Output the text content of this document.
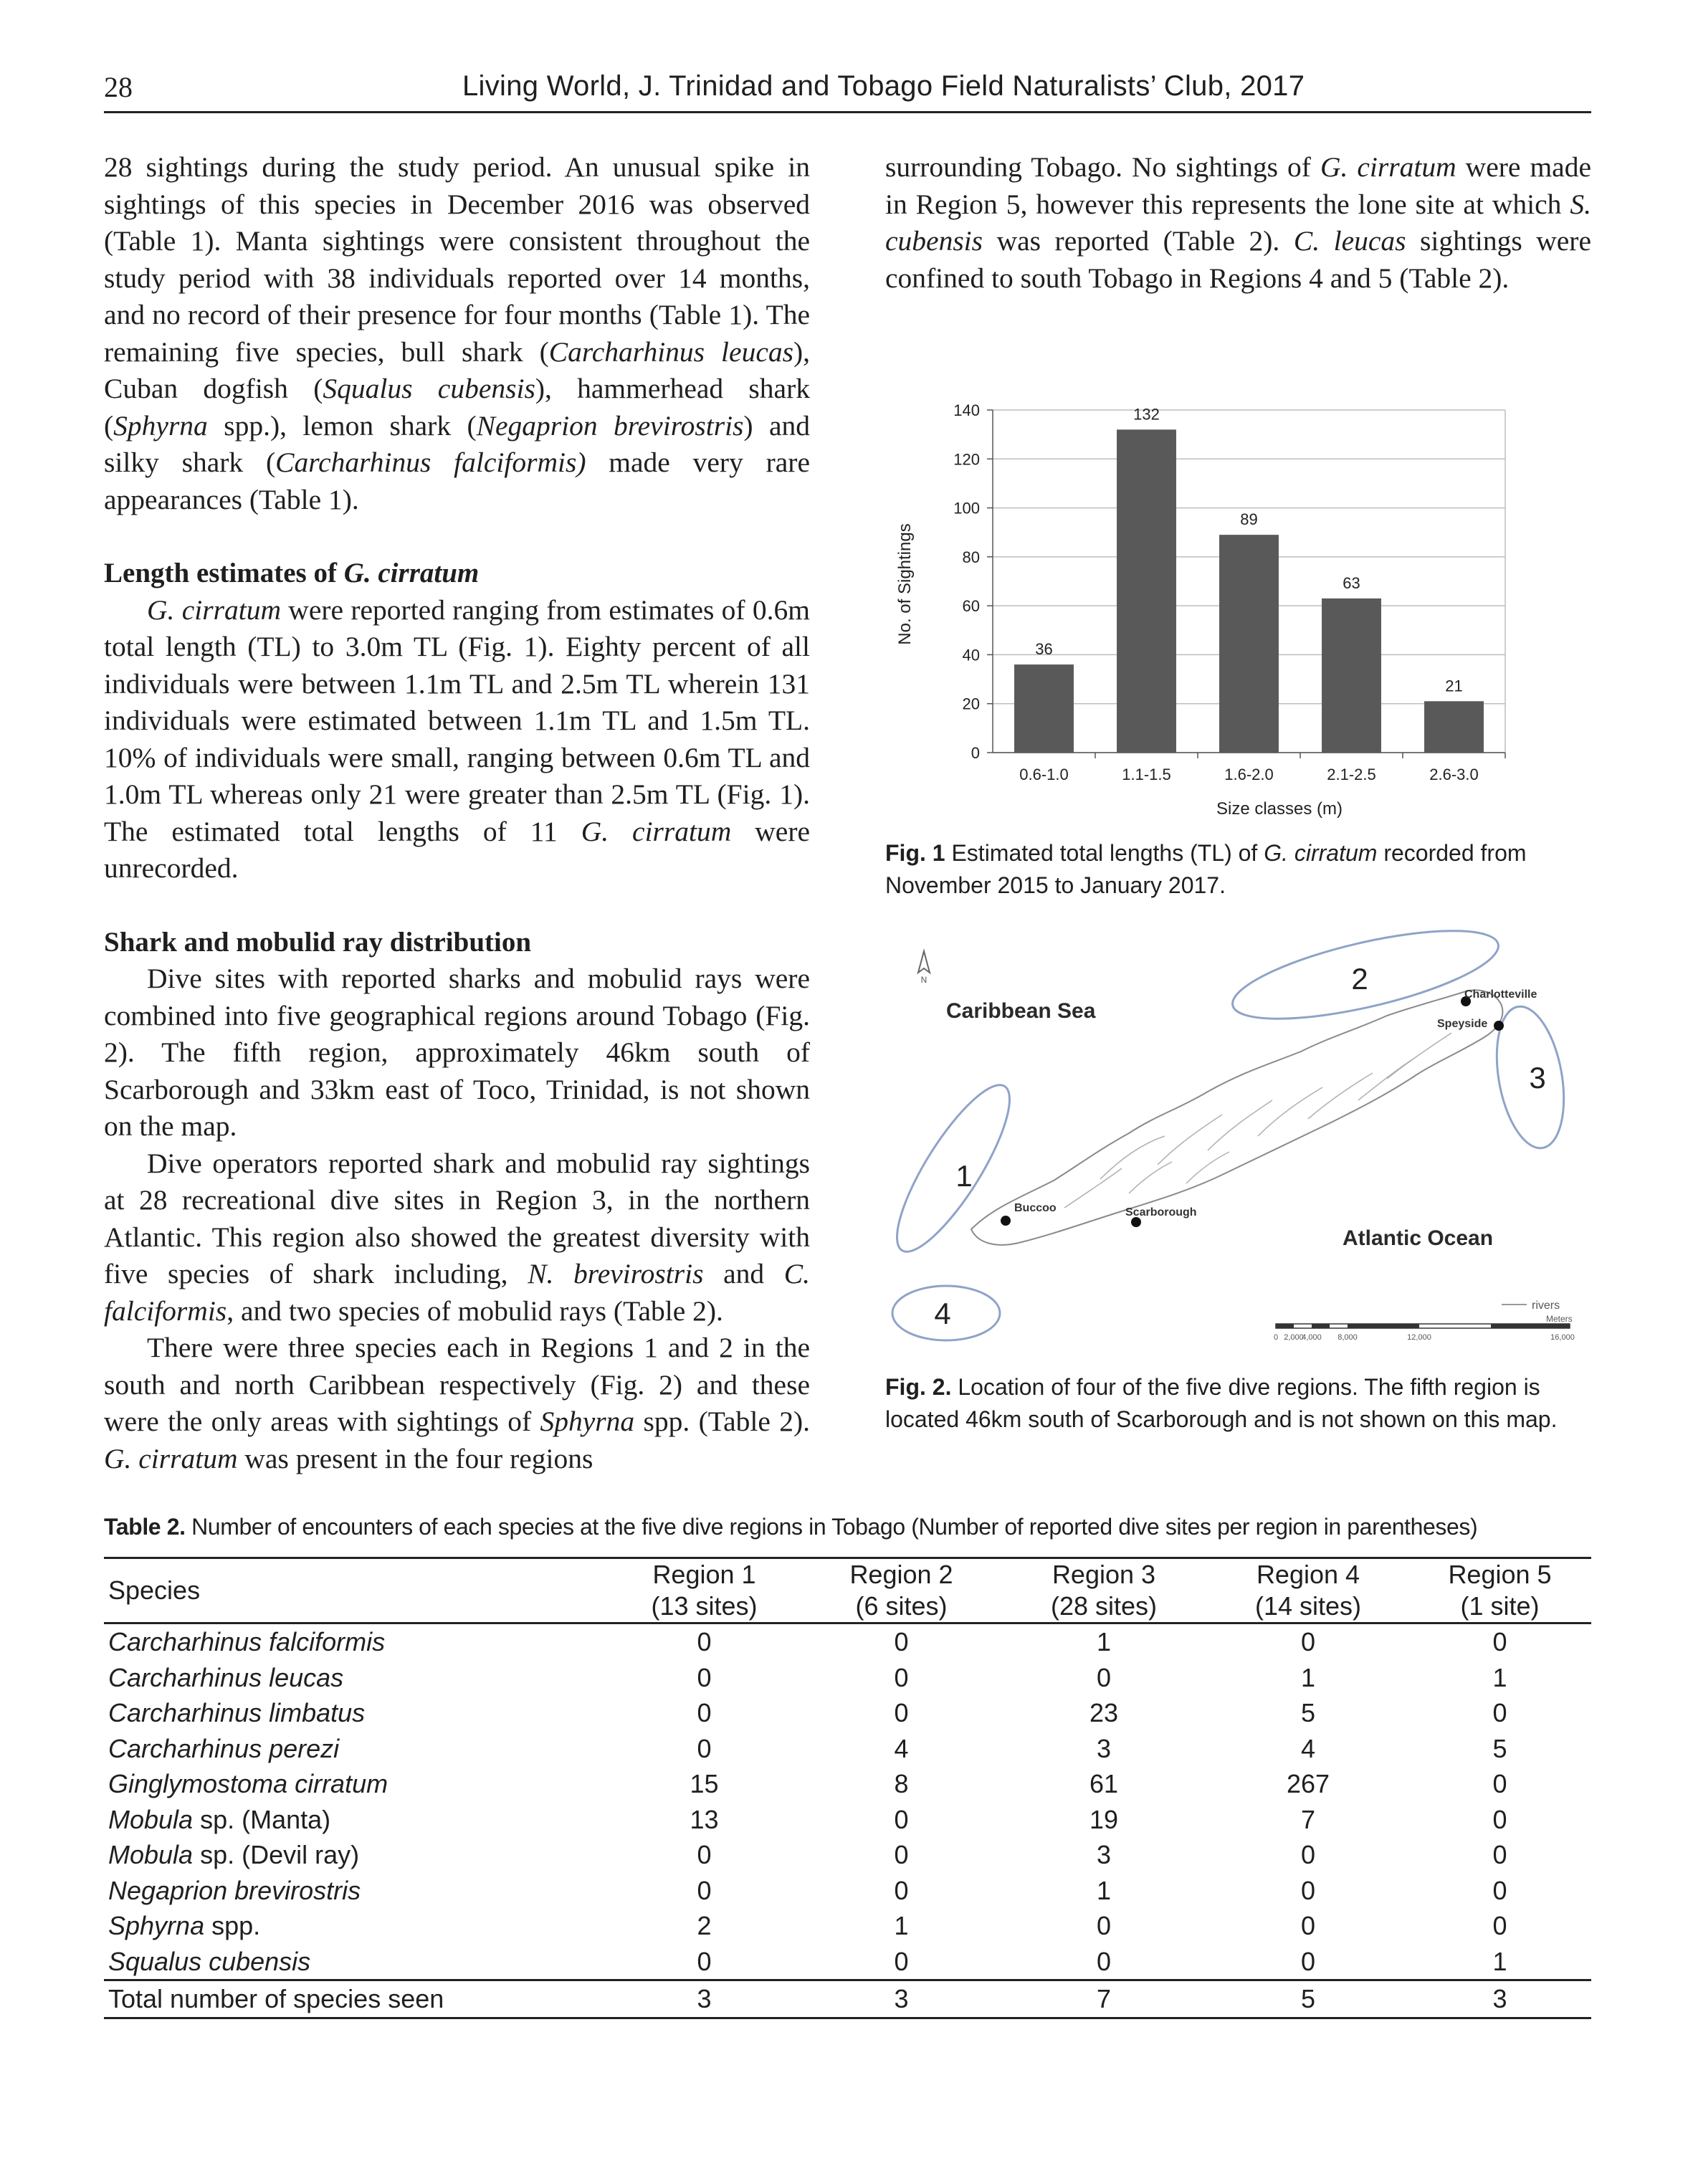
28	Living World, J. Trinidad and Tobago Field Naturalists’ Club, 2017

28 sightings during the study period. An unusual spike in sightings of this species in December 2016 was observed (Table 1). Manta sightings were consistent throughout the study period with 38 individuals reported over 14 months, and no record of their presence for four months (Table 1). The remaining five species, bull shark (Carcharhinus leucas), Cuban dogfish (Squalus cubensis), hammerhead shark (Sphyrna spp.), lemon shark (Negaprion brevirostris) and silky shark (Carcharhinus falciformis) made very rare appearances (Table 1).

Length estimates of G. cirratum

G. cirratum were reported ranging from estimates of 0.6m total length (TL) to 3.0m TL (Fig. 1). Eighty percent of all individuals were between 1.1m TL and 2.5m TL wherein 131 individuals were estimated between 1.1m TL and 1.5m TL. 10% of individuals were small, ranging between 0.6m TL and 1.0m TL whereas only 21 were greater than 2.5m TL (Fig. 1). The estimated total lengths of 11 G. cirratum were unrecorded.

Shark and mobulid ray distribution

Dive sites with reported sharks and mobulid rays were combined into five geographical regions around Tobago (Fig. 2). The fifth region, approximately 46km south of Scarborough and 33km east of Toco, Trinidad, is not shown on the map.

Dive operators reported shark and mobulid ray sightings at 28 recreational dive sites in Region 3, in the northern Atlantic. This region also showed the greatest diversity with five species of shark including, N. brevirostris and C. falciformis, and two species of mobulid rays (Table 2).

There were three species each in Regions 1 and 2 in the south and north Caribbean respectively (Fig. 2) and these were the only areas with sightings of Sphyrna spp. (Table 2). G. cirratum was present in the four regions

surrounding Tobago. No sightings of G. cirratum were made in Region 5, however this represents the lone site at which S. cubensis was reported (Table 2). C. leucas sightings were confined to south Tobago in Regions 4 and 5 (Table 2).

36
132
89
63
21
0
20
40
60
80
100
120
140
0.6-1.0	1.1-1.5	1.6-2.0	2.1-2.5	2.6-3.0
No. of Sightings
Size classes (m)
Fig. 1 Estimated total lengths (TL) of G. cirratum recorded from November 2015 to January 2017.
N
1
2
3
4
Caribbean Sea
Atlantic Ocean
Charlotteville
Speyside
Buccoo	Scarborough
rivers
Meters
0 2,000
4,000 8,000	12,000	16,000
Fig. 2. Location of four of the five dive regions. The fifth region is located 46km south of Scarborough and is not shown on this map.
Table 2. Number of encounters of each species at the five dive regions in Tobago (Number of reported dive sites per region in parentheses)
Species	Region 1	Region 2	Region 3	Region 4	Region 5
	(13 sites)	(6 sites)	(28 sites)	(14 sites)	(1 site)
Carcharhinus falciformis	0	0	1	0	0
Carcharhinus leucas	0	0	0	1	1
Carcharhinus limbatus	0	0	23	5	0
Carcharhinus perezi	0	4	3	4	5
Ginglymostoma cirratum	15	8	61	267	0
Mobula sp. (Manta)	13	0	19	7	0
Mobula sp. (Devil ray)	0	0	3	0	0
Negaprion brevirostris	0	0	1	0	0
Sphyrna spp.	2	1	0	0	0
Squalus cubensis	0	0	0	0	1
Total number of species seen	3	3	7	5	3
